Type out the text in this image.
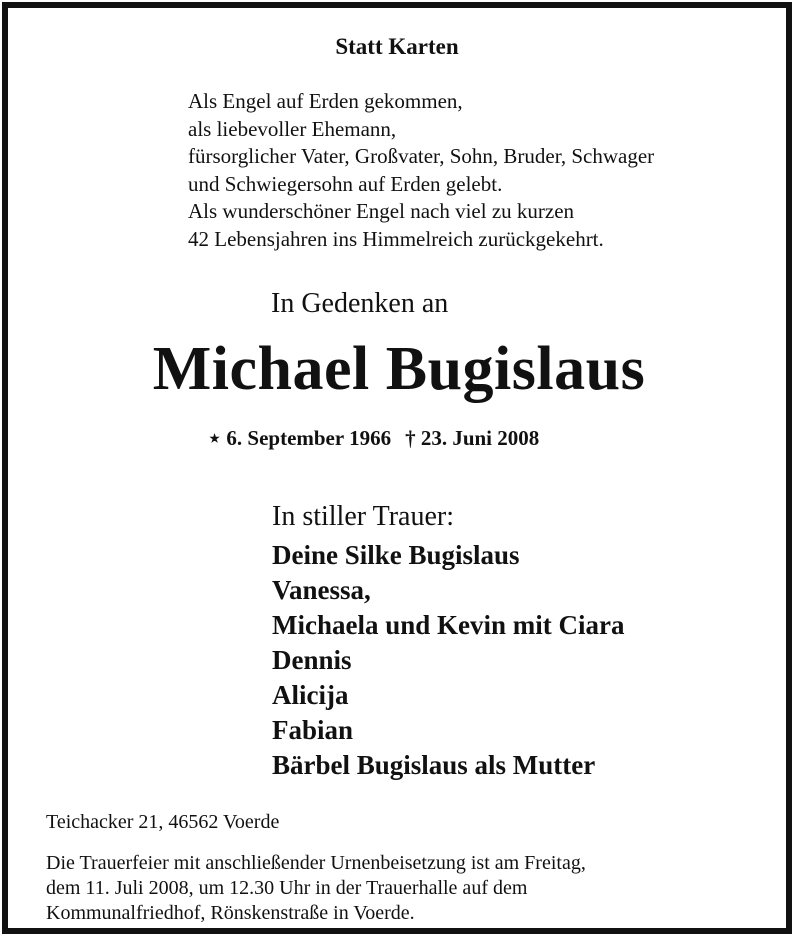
Statt Karten
Als Engel auf Erden gekommen,
als liebevoller Ehemann,
fürsorglicher Vater, Großvater, Sohn, Bruder, Schwager
und Schwiegersohn auf Erden gelebt.
Als wunderschöner Engel nach viel zu kurzen
42 Lebensjahren ins Himmelreich zurückgekehrt.
In Gedenken an
Michael Bugislaus
⋆ 6. September 1966 † 23. Juni 2008
In stiller Trauer:
Deine Silke Bugislaus
Vanessa,
Michaela und Kevin mit Ciara
Dennis
Alicija
Fabian
Bärbel Bugislaus als Mutter
Teichacker 21, 46562 Voerde
Die Trauerfeier mit anschließender Urnenbeisetzung ist am Freitag,
dem 11. Juli 2008, um 12.30 Uhr in der Trauerhalle auf dem
Kommunalfriedhof, Rönskenstraße in Voerde.
